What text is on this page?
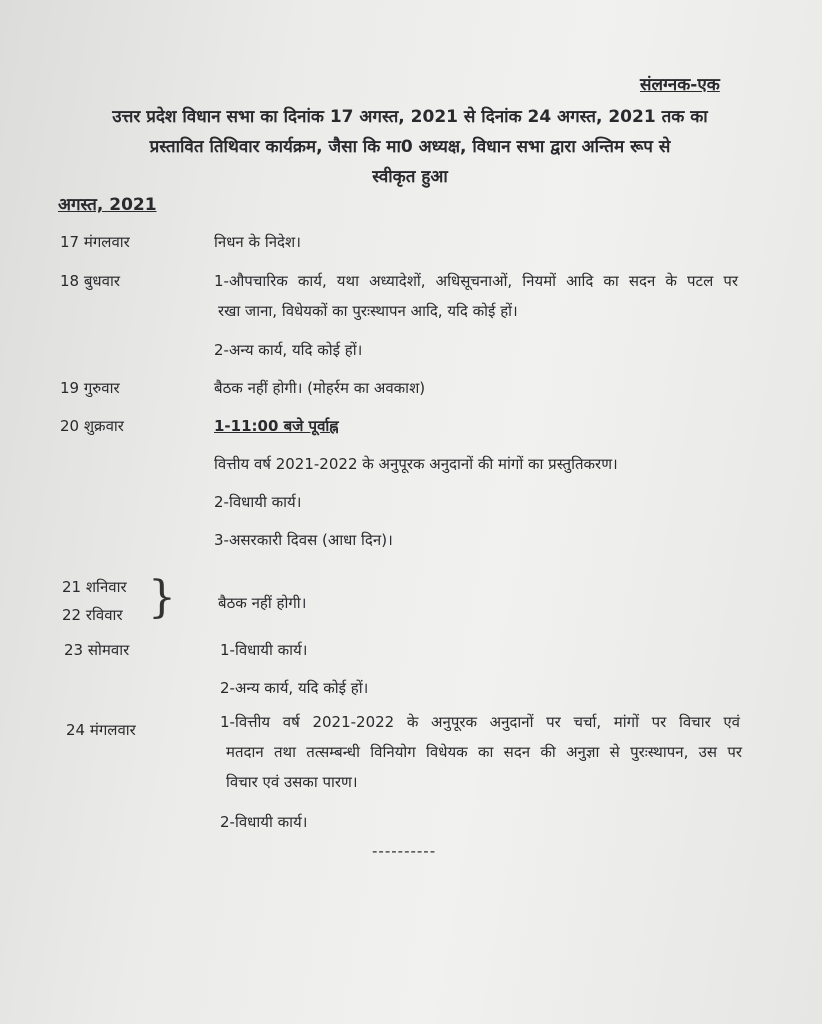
संलग्नक-एक
उत्तर प्रदेश विधान सभा का दिनांक 17 अगस्त, 2021 से दिनांक 24 अगस्त, 2021 तक का
प्रस्तावित तिथिवार कार्यक्रम, जैसा कि मा0 अध्यक्ष, विधान सभा द्वारा अन्तिम रूप से
स्वीकृत हुआ
अगस्त, 2021
17 मंगलवार	निधन के निदेश।
18 बुधवार	1-औपचारिक कार्य, यथा अध्यादेशों, अधिसूचनाओं, नियमों आदि का सदन के पटल पर
रखा जाना, विधेयकों का पुरःस्थापन आदि, यदि कोई हों।
2-अन्य कार्य, यदि कोई हों।
19 गुरुवार	बैठक नहीं होगी। (मोहर्रम का अवकाश)
20 शुक्रवार	1-11:00 बजे पूर्वाह्न
वित्तीय वर्ष 2021-2022 के अनुपूरक अनुदानों की मांगों का प्रस्तुतिकरण।
2-विधायी कार्य।
3-असरकारी दिवस (आधा दिन)।
21 शनिवार
22 रविवार }	बैठक नहीं होगी।
23 सोमवार	1-विधायी कार्य।
2-अन्य कार्य, यदि कोई हों।
24 मंगलवार	1-वित्तीय वर्ष 2021-2022 के अनुपूरक अनुदानों पर चर्चा, मांगों पर विचार एवं
मतदान तथा तत्सम्बन्धी विनियोग विधेयक का सदन की अनुज्ञा से पुरःस्थापन, उस पर
विचार एवं उसका पारण।
2-विधायी कार्य।
----------
